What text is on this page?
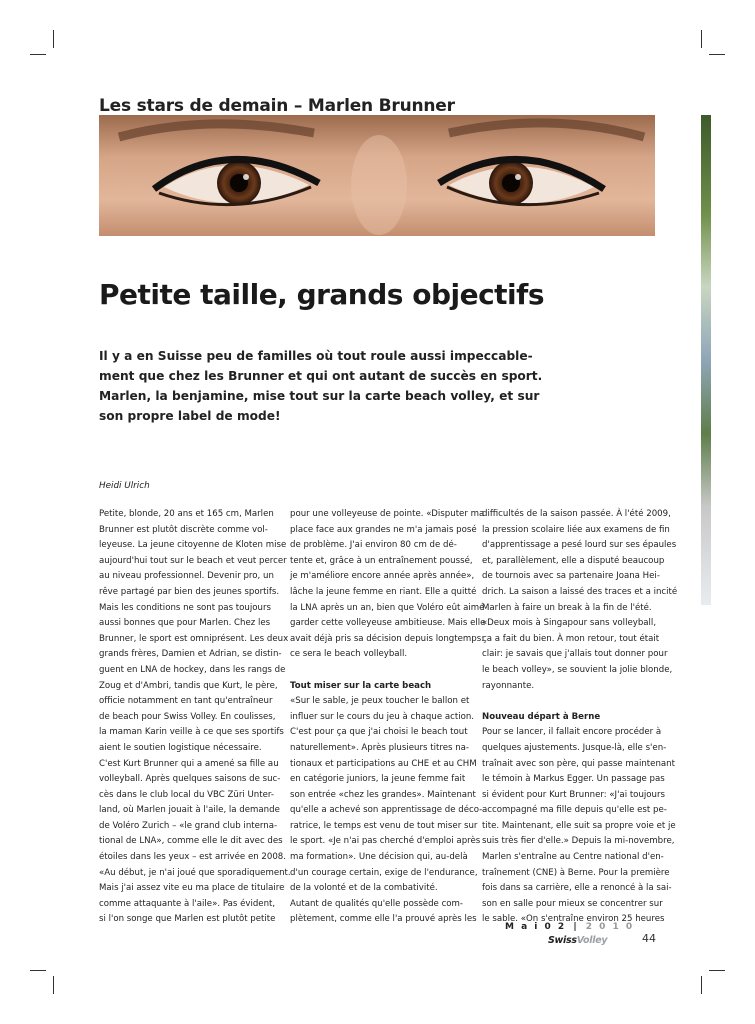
Les stars de demain – Marlen Brunner
Petite taille, grands objectifs
Il y a en Suisse peu de familles où tout roule aussi impeccable-
ment que chez les Brunner et qui ont autant de succès en sport.
Marlen, la benjamine, mise tout sur la carte beach volley, et sur
son propre label de mode!
Heidi Ulrich
Petite, blonde, 20 ans et 165 cm, Marlen
Brunner est plutôt discrète comme vol-
leyeuse. La jeune citoyenne de Kloten mise
aujourd'hui tout sur le beach et veut percer
au niveau professionnel. Devenir pro, un
rêve partagé par bien des jeunes sportifs.
Mais les conditions ne sont pas toujours
aussi bonnes que pour Marlen. Chez les
Brunner, le sport est omniprésent. Les deux
grands frères, Damien et Adrian, se distin-
guent en LNA de hockey, dans les rangs de
Zoug et d'Ambri, tandis que Kurt, le père,
officie notamment en tant qu'entraîneur
de beach pour Swiss Volley. En coulisses,
la maman Karin veille à ce que ses sportifs
aient le soutien logistique nécessaire.
C'est Kurt Brunner qui a amené sa fille au
volleyball. Après quelques saisons de suc-
cès dans le club local du VBC Züri Unter-
land, où Marlen jouait à l'aile, la demande
de Voléro Zurich – «le grand club interna-
tional de LNA», comme elle le dit avec des
étoiles dans les yeux – est arrivée en 2008.
«Au début, je n'ai joué que sporadiquement.
Mais j'ai assez vite eu ma place de titulaire
comme attaquante à l'aile». Pas évident,
si l'on songe que Marlen est plutôt petite
pour une volleyeuse de pointe. «Disputer ma
place face aux grandes ne m'a jamais posé
de problème. J'ai environ 80 cm de dé-
tente et, grâce à un entraînement poussé,
je m'améliore encore année après année»,
lâche la jeune femme en riant. Elle a quitté
la LNA après un an, bien que Voléro eût aimé
garder cette volleyeuse ambitieuse. Mais elle
avait déjà pris sa décision depuis longtemps:
ce sera le beach volleyball.
Tout miser sur la carte beach
«Sur le sable, je peux toucher le ballon et
influer sur le cours du jeu à chaque action.
C'est pour ça que j'ai choisi le beach tout
naturellement». Après plusieurs titres na-
tionaux et participations au CHE et au CHM
en catégorie juniors, la jeune femme fait
son entrée «chez les grandes». Maintenant
qu'elle a achevé son apprentissage de déco-
ratrice, le temps est venu de tout miser sur
le sport. «Je n'ai pas cherché d'emploi après
ma formation». Une décision qui, au-delà
d'un courage certain, exige de l'endurance,
de la volonté et de la combativité.
Autant de qualités qu'elle possède com-
plètement, comme elle l'a prouvé après les
difficultés de la saison passée. À l'été 2009,
la pression scolaire liée aux examens de fin
d'apprentissage a pesé lourd sur ses épaules
et, parallèlement, elle a disputé beaucoup
de tournois avec sa partenaire Joana Hei-
drich. La saison a laissé des traces et a incité
Marlen à faire un break à la fin de l'été.
«Deux mois à Singapour sans volleyball,
ça a fait du bien. À mon retour, tout était
clair: je savais que j'allais tout donner pour
le beach volley», se souvient la jolie blonde,
rayonnante.
Nouveau départ à Berne
Pour se lancer, il fallait encore procéder à
quelques ajustements. Jusque-là, elle s'en-
traînait avec son père, qui passe maintenant
le témoin à Markus Egger. Un passage pas
si évident pour Kurt Brunner: «J'ai toujours
accompagné ma fille depuis qu'elle est pe-
tite. Maintenant, elle suit sa propre voie et je
suis très fier d'elle.» Depuis la mi-novembre,
Marlen s'entraîne au Centre national d'en-
traînement (CNE) à Berne. Pour la première
fois dans sa carrière, elle a renoncé à la sai-
son en salle pour mieux se concentrer sur
le sable. «On s'entraîne environ 25 heures
M a i 0 2 | 2 0 1 0
SwissVolley	44
